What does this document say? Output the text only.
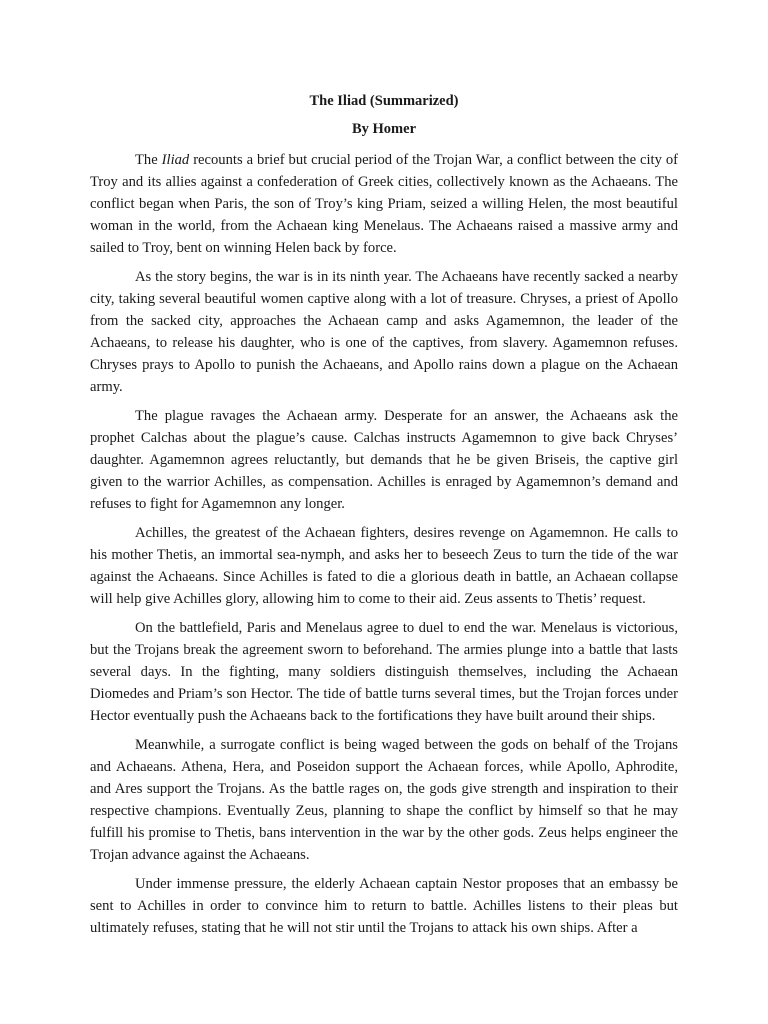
The Iliad (Summarized)
By Homer

The Iliad recounts a brief but crucial period of the Trojan War, a conflict between the city of Troy and its allies against a confederation of Greek cities, collectively known as the Achaeans. The conflict began when Paris, the son of Troy’s king Priam, seized a willing Helen, the most beautiful woman in the world, from the Achaean king Menelaus. The Achaeans raised a massive army and sailed to Troy, bent on winning Helen back by force.

As the story begins, the war is in its ninth year. The Achaeans have recently sacked a nearby city, taking several beautiful women captive along with a lot of treasure. Chryses, a priest of Apollo from the sacked city, approaches the Achaean camp and asks Agamemnon, the leader of the Achaeans, to release his daughter, who is one of the captives, from slavery. Agamemnon refuses. Chryses prays to Apollo to punish the Achaeans, and Apollo rains down a plague on the Achaean army.

The plague ravages the Achaean army. Desperate for an answer, the Achaeans ask the prophet Calchas about the plague’s cause. Calchas instructs Agamemnon to give back Chryses’ daughter. Agamemnon agrees reluctantly, but demands that he be given Briseis, the captive girl given to the warrior Achilles, as compensation. Achilles is enraged by Agamemnon’s demand and refuses to fight for Agamemnon any longer.

Achilles, the greatest of the Achaean fighters, desires revenge on Agamemnon. He calls to his mother Thetis, an immortal sea-nymph, and asks her to beseech Zeus to turn the tide of the war against the Achaeans. Since Achilles is fated to die a glorious death in battle, an Achaean collapse will help give Achilles glory, allowing him to come to their aid. Zeus assents to Thetis’ request.

On the battlefield, Paris and Menelaus agree to duel to end the war. Menelaus is victorious, but the Trojans break the agreement sworn to beforehand. The armies plunge into a battle that lasts several days. In the fighting, many soldiers distinguish themselves, including the Achaean Diomedes and Priam’s son Hector. The tide of battle turns several times, but the Trojan forces under Hector eventually push the Achaeans back to the fortifications they have built around their ships.

Meanwhile, a surrogate conflict is being waged between the gods on behalf of the Trojans and Achaeans. Athena, Hera, and Poseidon support the Achaean forces, while Apollo, Aphrodite, and Ares support the Trojans. As the battle rages on, the gods give strength and inspiration to their respective champions. Eventually Zeus, planning to shape the conflict by himself so that he may fulfill his promise to Thetis, bans intervention in the war by the other gods. Zeus helps engineer the Trojan advance against the Achaeans.

Under immense pressure, the elderly Achaean captain Nestor proposes that an embassy be sent to Achilles in order to convince him to return to battle. Achilles listens to their pleas but ultimately refuses, stating that he will not stir until the Trojans to attack his own ships. After a
